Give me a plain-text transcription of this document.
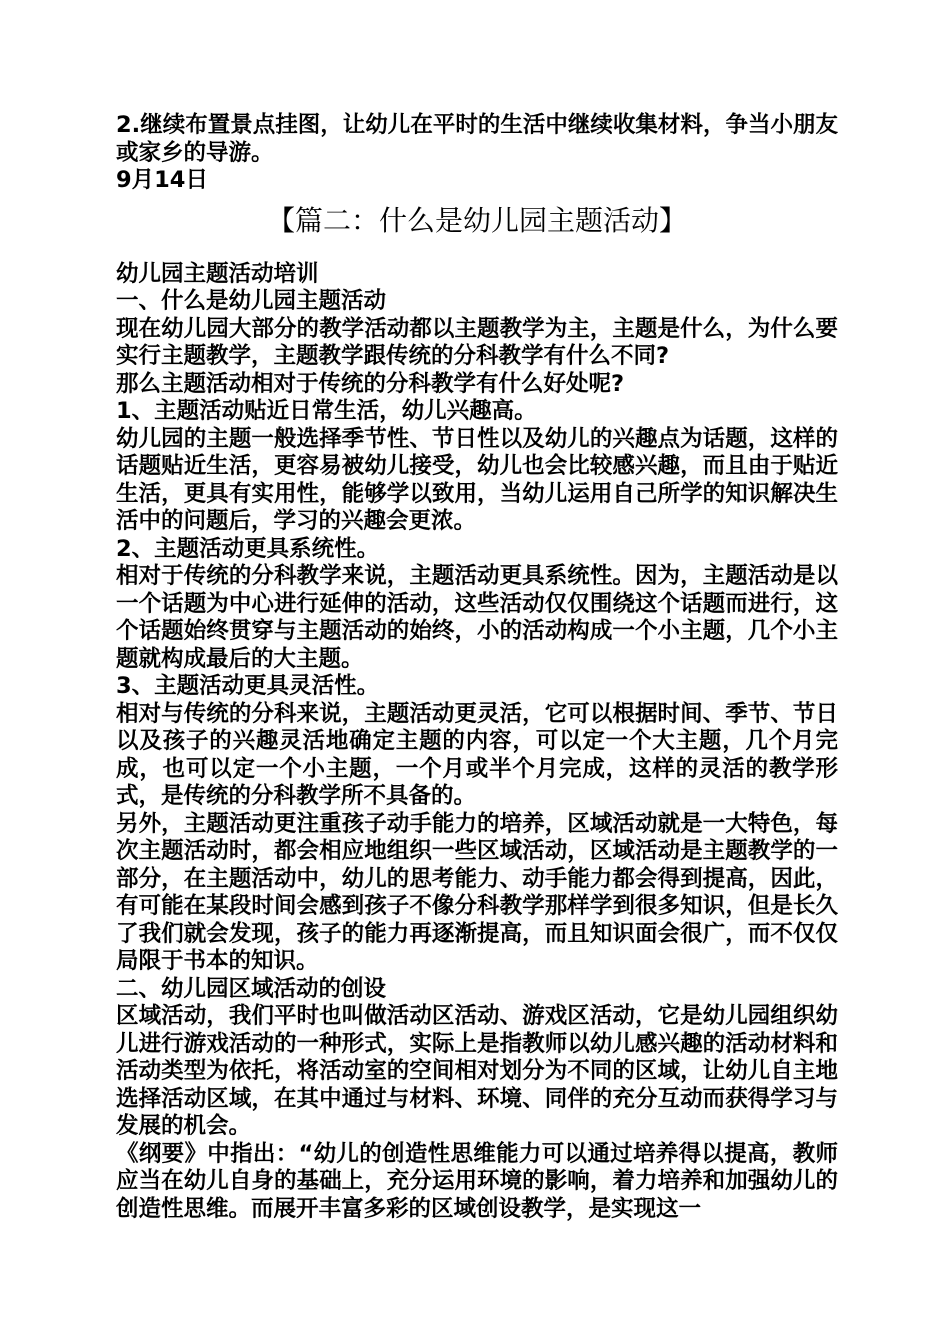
2.继续布置景点挂图，让幼儿在平时的生活中继续收集材料，争当小朋友或家乡的导游。

9月14日

【篇二：什么是幼儿园主题活动】

幼儿园主题活动培训

一、什么是幼儿园主题活动

现在幼儿园大部分的教学活动都以主题教学为主，主题是什么，为什么要实行主题教学，主题教学跟传统的分科教学有什么不同?

那么主题活动相对于传统的分科教学有什么好处呢?

1、主题活动贴近日常生活，幼儿兴趣高。

幼儿园的主题一般选择季节性、节日性以及幼儿的兴趣点为话题，这样的话题贴近生活，更容易被幼儿接受，幼儿也会比较感兴趣，而且由于贴近生活，更具有实用性，能够学以致用，当幼儿运用自己所学的知识解决生活中的问题后，学习的兴趣会更浓。

2、主题活动更具系统性。

相对于传统的分科教学来说，主题活动更具系统性。因为，主题活动是以一个话题为中心进行延伸的活动，这些活动仅仅围绕这个话题而进行，这个话题始终贯穿与主题活动的始终，小的活动构成一个小主题，几个小主题就构成最后的大主题。

3、主题活动更具灵活性。

相对与传统的分科来说，主题活动更灵活，它可以根据时间、季节、节日以及孩子的兴趣灵活地确定主题的内容，可以定一个大主题，几个月完成，也可以定一个小主题，一个月或半个月完成，这样的灵活的教学形式，是传统的分科教学所不具备的。

另外，主题活动更注重孩子动手能力的培养，区域活动就是一大特色，每次主题活动时，都会相应地组织一些区域活动，区域活动是主题教学的一部分，在主题活动中，幼儿的思考能力、动手能力都会得到提高，因此，有可能在某段时间会感到孩子不像分科教学那样学到很多知识，但是长久了我们就会发现，孩子的能力再逐渐提高，而且知识面会很广，而不仅仅局限于书本的知识。

二、幼儿园区域活动的创设

区域活动，我们平时也叫做活动区活动、游戏区活动，它是幼儿园组织幼儿进行游戏活动的一种形式，实际上是指教师以幼儿感兴趣的活动材料和活动类型为依托，将活动室的空间相对划分为不同的区域，让幼儿自主地选择活动区域，在其中通过与材料、环境、同伴的充分互动而获得学习与发展的机会。

《纲要》中指出：“幼儿的创造性思维能力可以通过培养得以提高，教师应当在幼儿自身的基础上，充分运用环境的影响，着力培养和加强幼儿的创造性思维。而展开丰富多彩的区域创设教学，是实现这一
